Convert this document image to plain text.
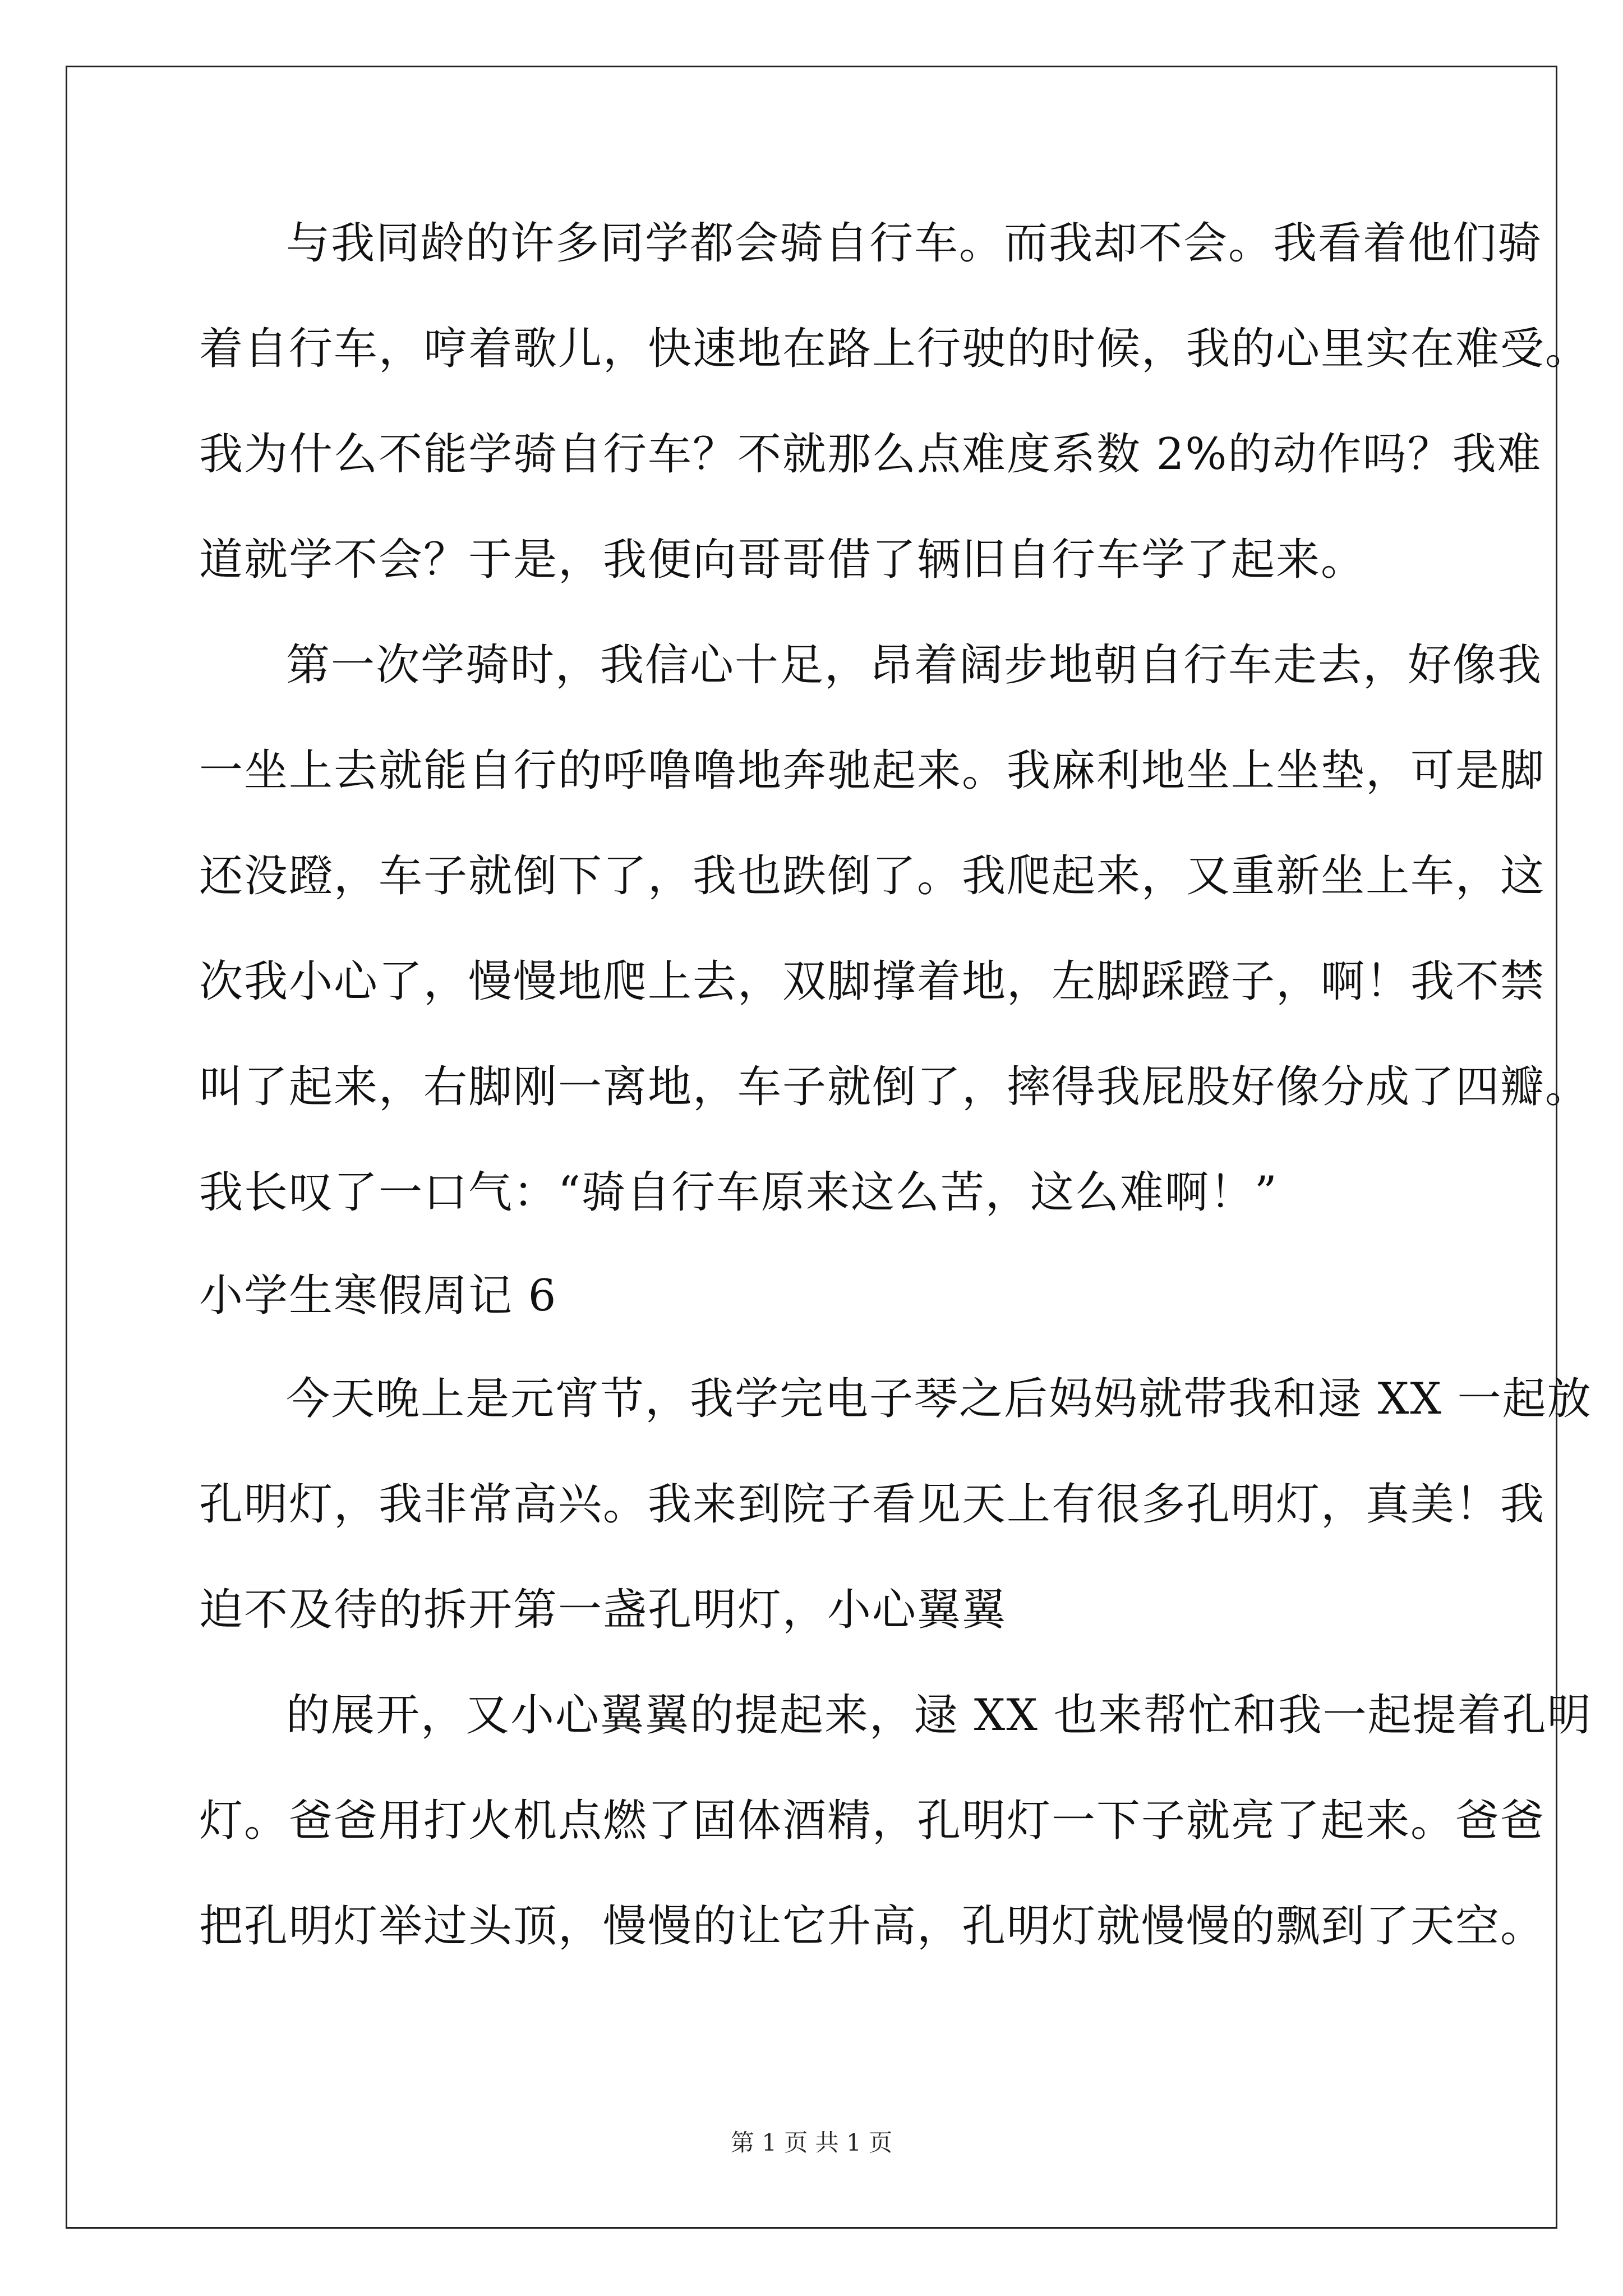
与我同龄的许多同学都会骑自行车。而我却不会。我看着他们骑
着自行车，哼着歌儿，快速地在路上行驶的时候，我的心里实在难受。
我为什么不能学骑自行车？不就那么点难度系数 2%的动作吗？我难
道就学不会？于是，我便向哥哥借了辆旧自行车学了起来。
第一次学骑时，我信心十足，昂着阔步地朝自行车走去，好像我
一坐上去就能自行的呼噜噜地奔驰起来。我麻利地坐上坐垫，可是脚
还没蹬，车子就倒下了，我也跌倒了。我爬起来，又重新坐上车，这
次我小心了，慢慢地爬上去，双脚撑着地，左脚踩蹬子，啊！我不禁
叫了起来，右脚刚一离地，车子就倒了，摔得我屁股好像分成了四瓣。
我长叹了一口气：“骑自行车原来这么苦，这么难啊！”
小学生寒假周记 6
今天晚上是元宵节，我学完电子琴之后妈妈就带我和逯 XX 一起放
孔明灯，我非常高兴。我来到院子看见天上有很多孔明灯，真美！我
迫不及待的拆开第一盏孔明灯，小心翼翼
的展开，又小心翼翼的提起来，逯 XX 也来帮忙和我一起提着孔明
灯。爸爸用打火机点燃了固体酒精，孔明灯一下子就亮了起来。爸爸
把孔明灯举过头顶，慢慢的让它升高，孔明灯就慢慢的飘到了天空。
第 1 页 共 1 页
